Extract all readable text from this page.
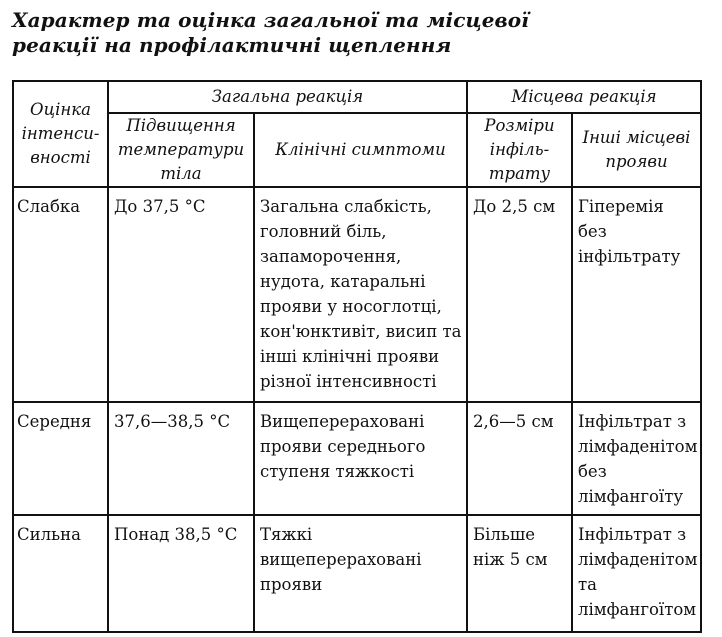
Характер та оцінка загальної та місцевої
реакції на профілактичні щеплення
Оцінка інтенси-вності	Загальна реакція		Місцева реакція	
	Підвищення температури тіла	Клінічні симптоми	Розміри інфіль-трату	Інші місцеві прояви
Слабка	До 37,5 °C	Загальна слабкість, головний біль, запаморочення, нудота, катаральні прояви у носоглотці, кон'юнктивіт, висип та інші клінічні прояви різної інтенсивності	До 2,5 см	Гіперемія без інфільтрату
Середня	37,6—38,5 °C	Вищеперераховані прояви середнього ступеня тяжкості	2,6—5 см	Інфільтрат з лімфаденітом без лімфангоїту
Сильна	Понад 38,5 °C	Тяжкі вищеперераховані прояви	Більше ніж 5 см	Інфільтрат з лімфаденітом та лімфангоїтом
